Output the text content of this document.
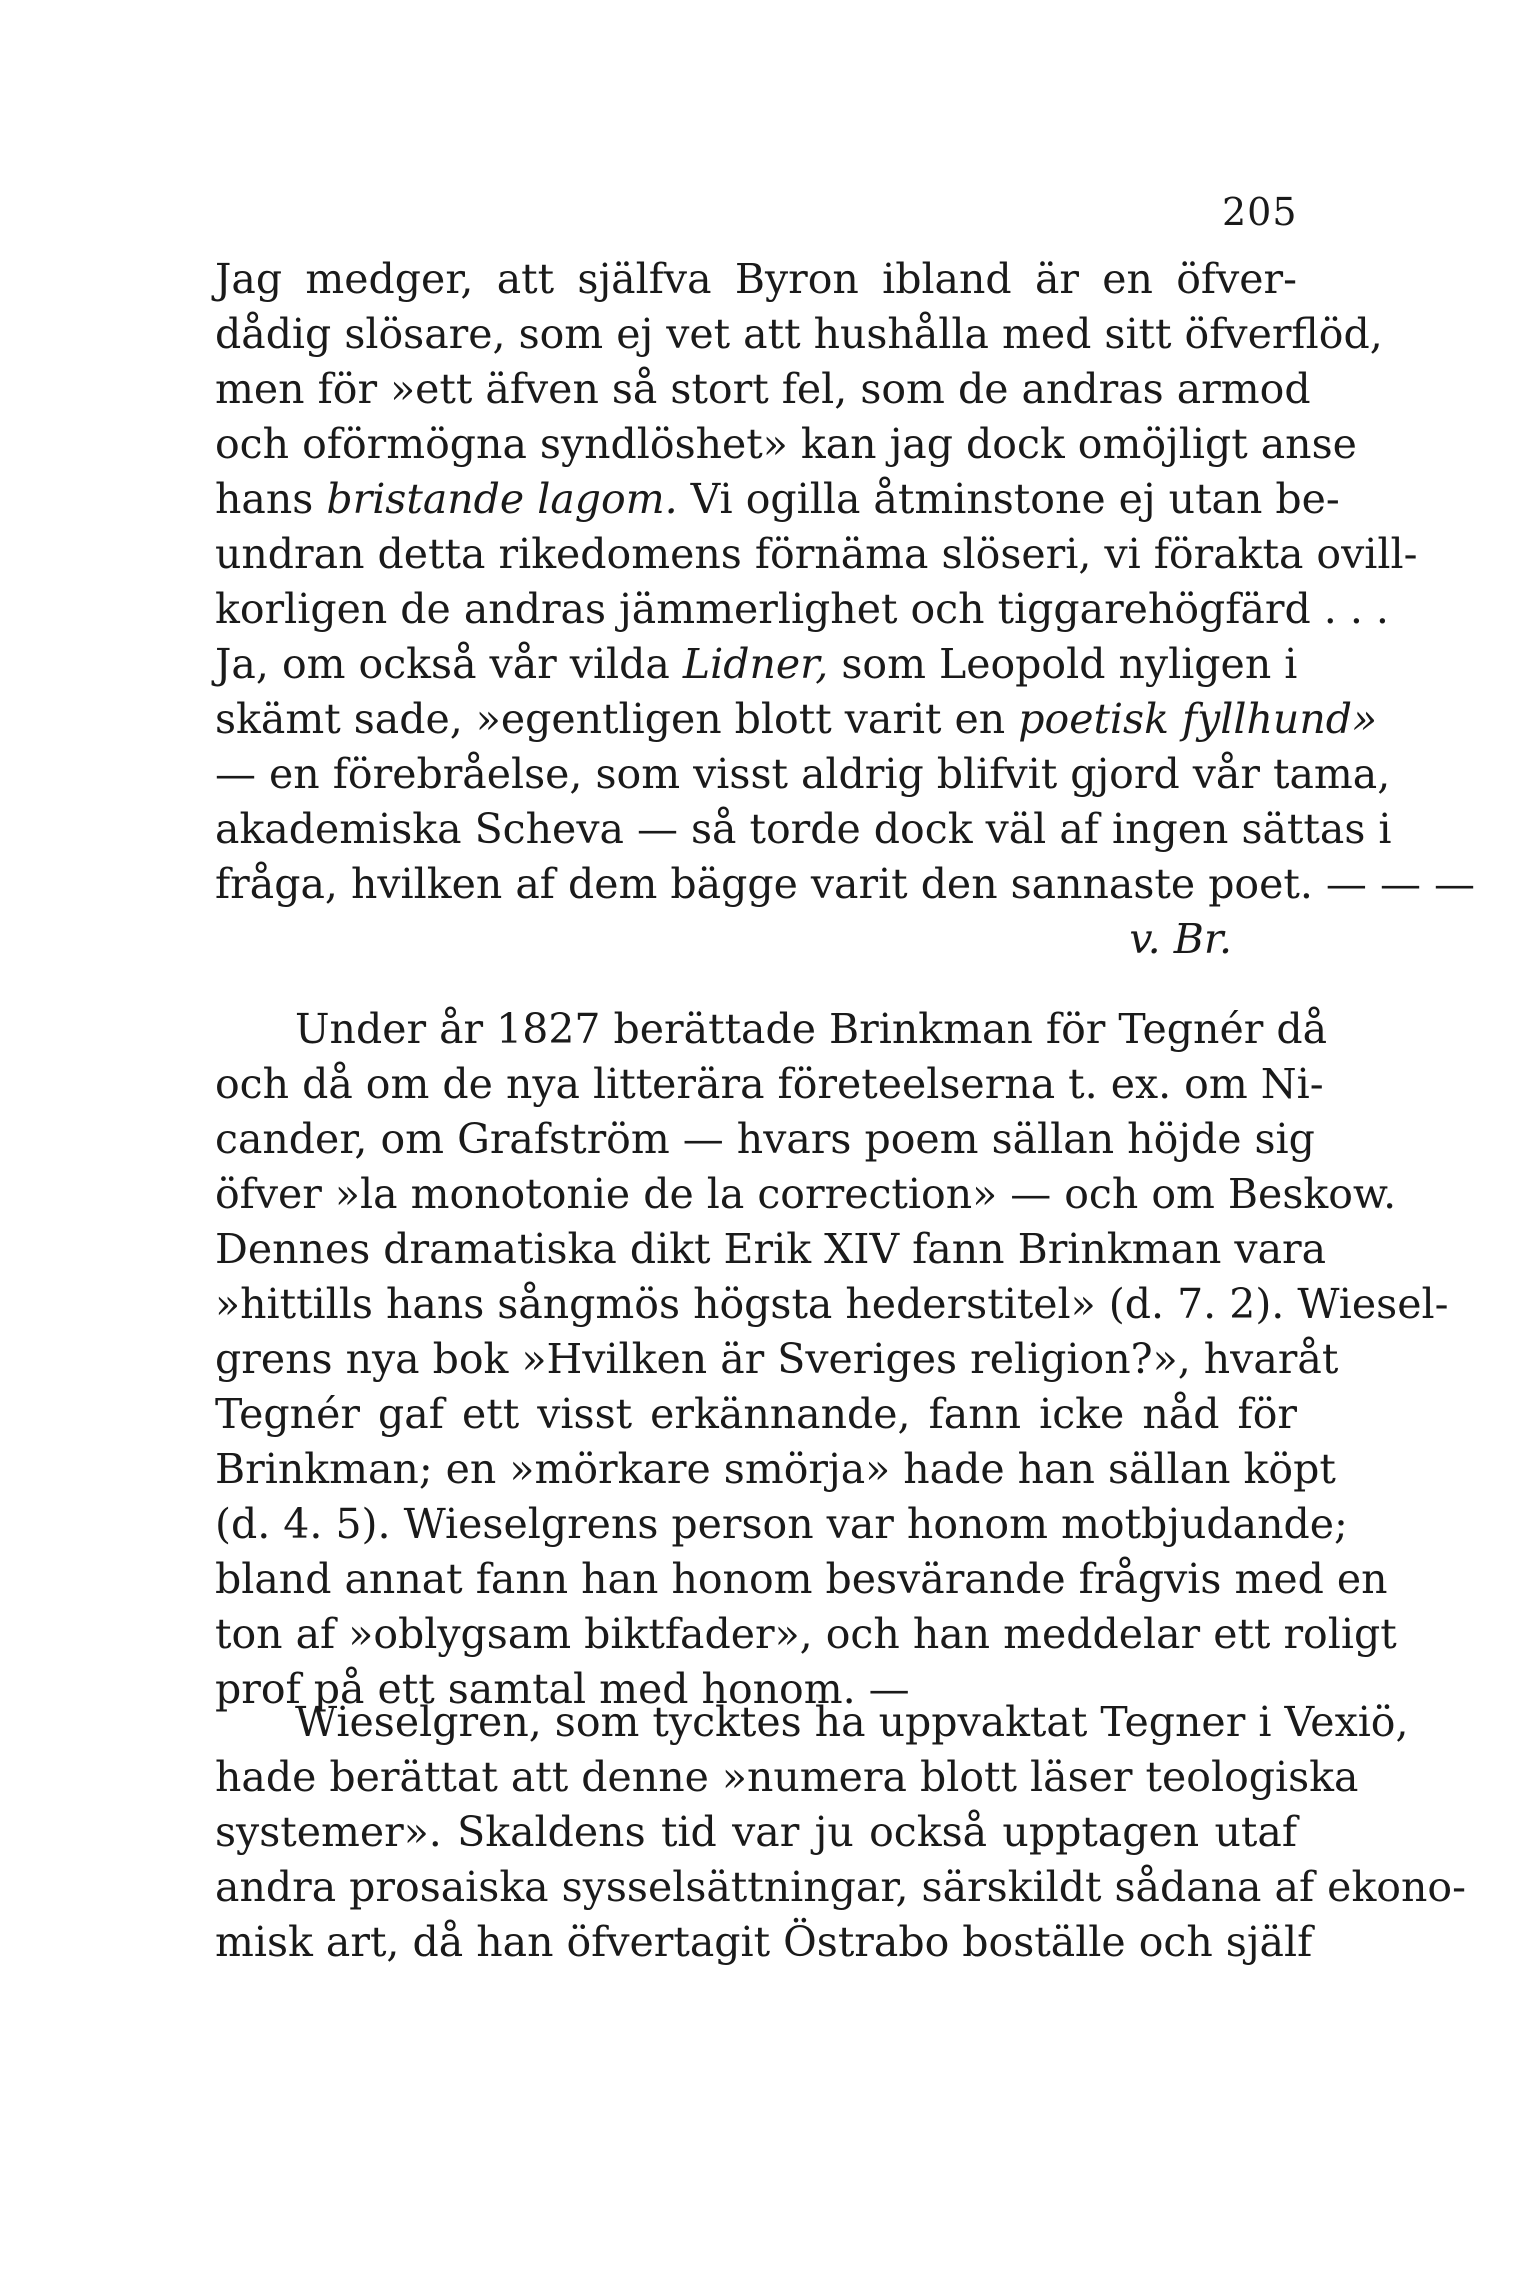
205
Jag medger, att själfva Byron ibland är en öfver-
dådig slösare, som ej vet att hushålla med sitt öfverflöd,
men för »ett äfven så stort fel, som de andras armod
och oförmögna syndlöshet» kan jag dock omöjligt anse
hans bristande lagom. Vi ogilla åtminstone ej utan be-
undran detta rikedomens förnäma slöseri, vi förakta ovill-
korligen de andras jämmerlighet och tiggarehögfärd . . .
Ja, om också vår vilda Lidner, som Leopold nyligen i
skämt sade, »egentligen blott varit en poetisk fyllhund»
— en förebråelse, som visst aldrig blifvit gjord vår tama,
akademiska Scheva — så torde dock väl af ingen sättas i
fråga, hvilken af dem bägge varit den sannaste poet. — — —
v. Br.
Under år 1827 berättade Brinkman för Tegnér då
och då om de nya litterära företeelserna t. ex. om Ni-
cander, om Grafström — hvars poem sällan höjde sig
öfver »la monotonie de la correction» — och om Beskow.
Dennes dramatiska dikt Erik XIV fann Brinkman vara
»hittills hans sångmös högsta hederstitel» (d. 7. 2). Wiesel-
grens nya bok »Hvilken är Sveriges religion?», hvaråt
Tegnér gaf ett visst erkännande, fann icke nåd för
Brinkman; en »mörkare smörja» hade han sällan köpt
(d. 4. 5). Wieselgrens person var honom motbjudande;
bland annat fann han honom besvärande frågvis med en
ton af »oblygsam biktfader», och han meddelar ett roligt
prof på ett samtal med honom. —
Wieselgren, som tycktes ha uppvaktat Tegner i Vexiö,
hade berättat att denne »numera blott läser teologiska
systemer». Skaldens tid var ju också upptagen utaf
andra prosaiska sysselsättningar, särskildt sådana af ekono-
misk art, då han öfvertagit Östrabo boställe och själf
